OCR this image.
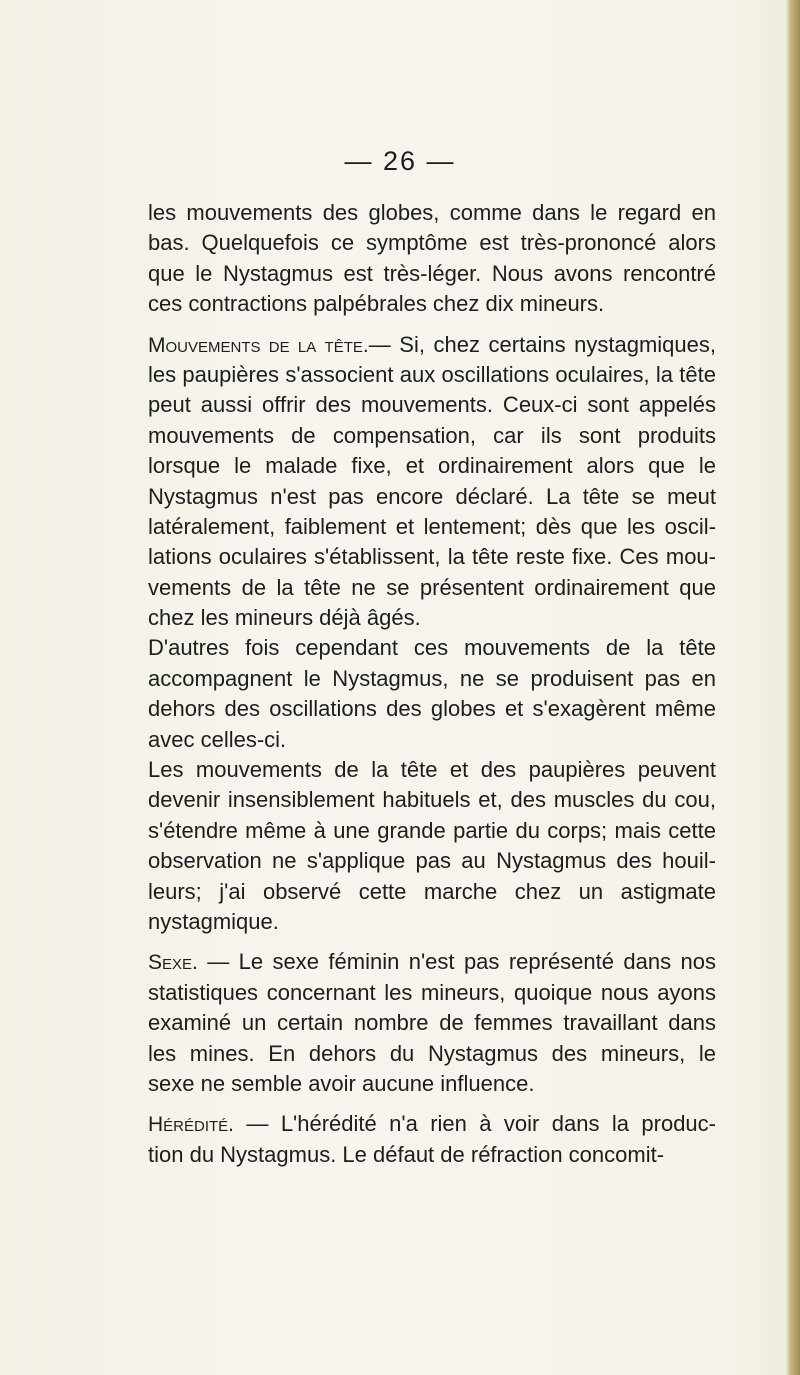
— 26 —

les mouvements des globes, comme dans le regard en
bas. Quelquefois ce symptôme est très-prononcé alors
que le Nystagmus est très-léger. Nous avons rencontré
ces contractions palpébrales chez dix mineurs.

Mouvements de la tête.— Si, chez certains nystagmiques,
les paupières s'associent aux oscillations oculaires, la tête
peut aussi offrir des mouvements. Ceux-ci sont appelés
mouvements de compensation, car ils sont produits
lorsque le malade fixe, et ordinairement alors que le
Nystagmus n'est pas encore déclaré. La tête se meut
latéralement, faiblement et lentement; dès que les oscil-
lations oculaires s'établissent, la tête reste fixe. Ces mou-
vements de la tête ne se présentent ordinairement que
chez les mineurs déjà âgés.

D'autres fois cependant ces mouvements de la tête
accompagnent le Nystagmus, ne se produisent pas en
dehors des oscillations des globes et s'exagèrent même
avec celles-ci.

Les mouvements de la tête et des paupières peuvent
devenir insensiblement habituels et, des muscles du cou,
s'étendre même à une grande partie du corps; mais cette
observation ne s'applique pas au Nystagmus des houil-
leurs; j'ai observé cette marche chez un astigmate
nystagmique.

Sexe. — Le sexe féminin n'est pas représenté dans nos
statistiques concernant les mineurs, quoique nous ayons
examiné un certain nombre de femmes travaillant dans
les mines. En dehors du Nystagmus des mineurs, le
sexe ne semble avoir aucune influence.

Hérédité. — L'hérédité n'a rien à voir dans la produc-
tion du Nystagmus. Le défaut de réfraction concomit-
